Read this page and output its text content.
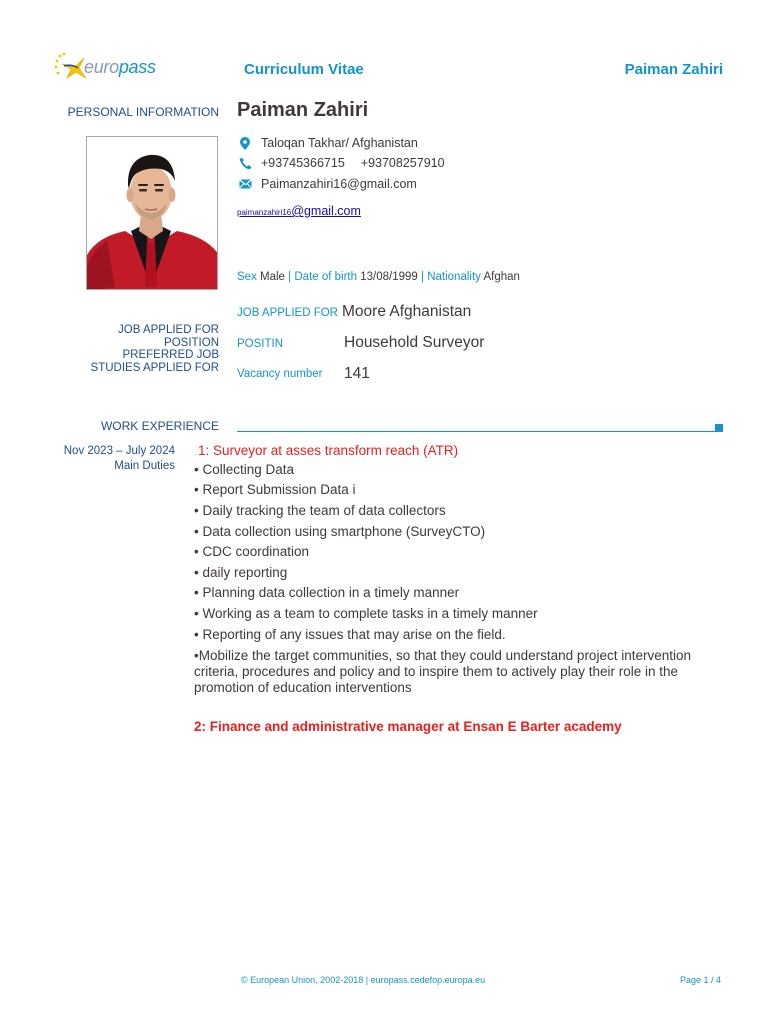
europass	Curriculum Vitae	Paiman Zahiri
PERSONAL INFORMATION Paiman Zahiri
Taloqan Takhar/ Afghanistan
+93745366715 +93708257910
Paimanzahiri16@gmail.com
paimanzahiri16@gmail.com
Sex Male | Date of birth 13/08/1999 | Nationality Afghan
JOB APPLIED FOR
POSITION
PREFERRED JOB
STUDIES APPLIED FOR
JOB APPLIED FOR Moore Afghanistan
POSITIN	Household Surveyor
Vacancy number 141
WORK EXPERIENCE
Nov 2023 – July 2024
Main Duties
1: Surveyor at asses transform reach (ATR)
• Collecting Data
• Report Submission Data i
• Daily tracking the team of data collectors
• Data collection using smartphone (SurveyCTO)
• CDC coordination
• daily reporting
• Planning data collection in a timely manner
• Working as a team to complete tasks in a timely manner
• Reporting of any issues that may arise on the field.
•Mobilize the target communities, so that they could understand project intervention criteria, procedures and policy and to inspire them to actively play their role in the promotion of education interventions
2: Finance and administrative manager at Ensan E Barter academy
© European Union, 2002-2018 | europass.cedefop.europa.eu	Page 1 / 4
